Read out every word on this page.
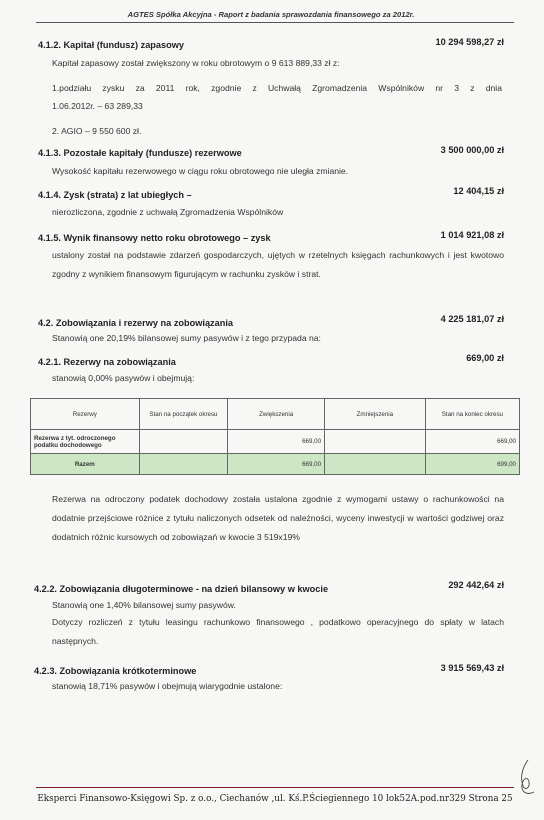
AGTES Spółka Akcyjna - Raport z badania sprawozdania finansowego za 2012r.
4.1.2. Kapitał (fundusz) zapasowy	10 294 598,27 zł
Kapitał zapasowy został zwiększony w roku obrotowym o 9 613 889,33 zł z:
1.podziału zysku za 2011 rok, zgodnie z Uchwałą Zgromadzenia Wspólników nr 3 z dnia
1.06.2012r. – 63 289,33
2. AGIO – 9 550 600 zł.
4.1.3. Pozostałe kapitały (fundusze) rezerwowe	3 500 000,00 zł
Wysokość kapitału rezerwowego w ciągu roku obrotowego nie uległa zmianie.
4.1.4. Zysk (strata) z lat ubiegłych –	12 404,15 zł
nierozliczona, zgodnie z uchwałą Zgromadzenia Wspólników
4.1.5. Wynik finansowy netto roku obrotowego – zysk	1 014 921,08 zł
ustalony został na podstawie zdarzeń gospodarczych, ujętych w rzetelnych księgach rachunkowych i jest kwotowo zgodny z wynikiem finansowym figurującym w rachunku zysków i strat.
4.2. Zobowiązania i rezerwy na zobowiązania	4 225 181,07 zł
Stanowią one 20,19% bilansowej sumy pasywów i z tego przypada na:
4.2.1. Rezerwy na zobowiązania	669,00 zł
stanowią 0,00% pasywów i obejmują:
Rezerwy	Stan na początek okresu	Zwiększenia	Zmniejszenia	Stan na koniec okresu
Rezerwa z tyt. odroczonego podatku dochodowego		669,00		669,00
Razem		669,00		699,00
Rezerwa na odroczony podatek dochodowy została ustalona zgodnie z wymogami ustawy o rachunkowości na dodatnie przejściowe różnice z tytułu naliczonych odsetek od należności, wyceny inwestycji w wartości godziwej oraz dodatnich różnic kursowych od zobowiązań w kwocie 3 519x19%
4.2.2. Zobowiązania długoterminowe - na dzień bilansowy w kwocie	292 442,64 zł
Stanowią one 1,40% bilansowej sumy pasywów.
Dotyczy rozliczeń z tytułu leasingu rachunkowo finansowego , podatkowo operacyjnego do spłaty w latach następnych.
4.2.3. Zobowiązania krótkoterminowe	3 915 569,43 zł
stanowią 18,71% pasywów i obejmują wiarygodnie ustalone:
Eksperci Finansowo-Księgowi Sp. z o.o., Ciechanów ,ul. Kś.P.Ściegiennego 10 lok52A.pod.nr329 Strona 25
